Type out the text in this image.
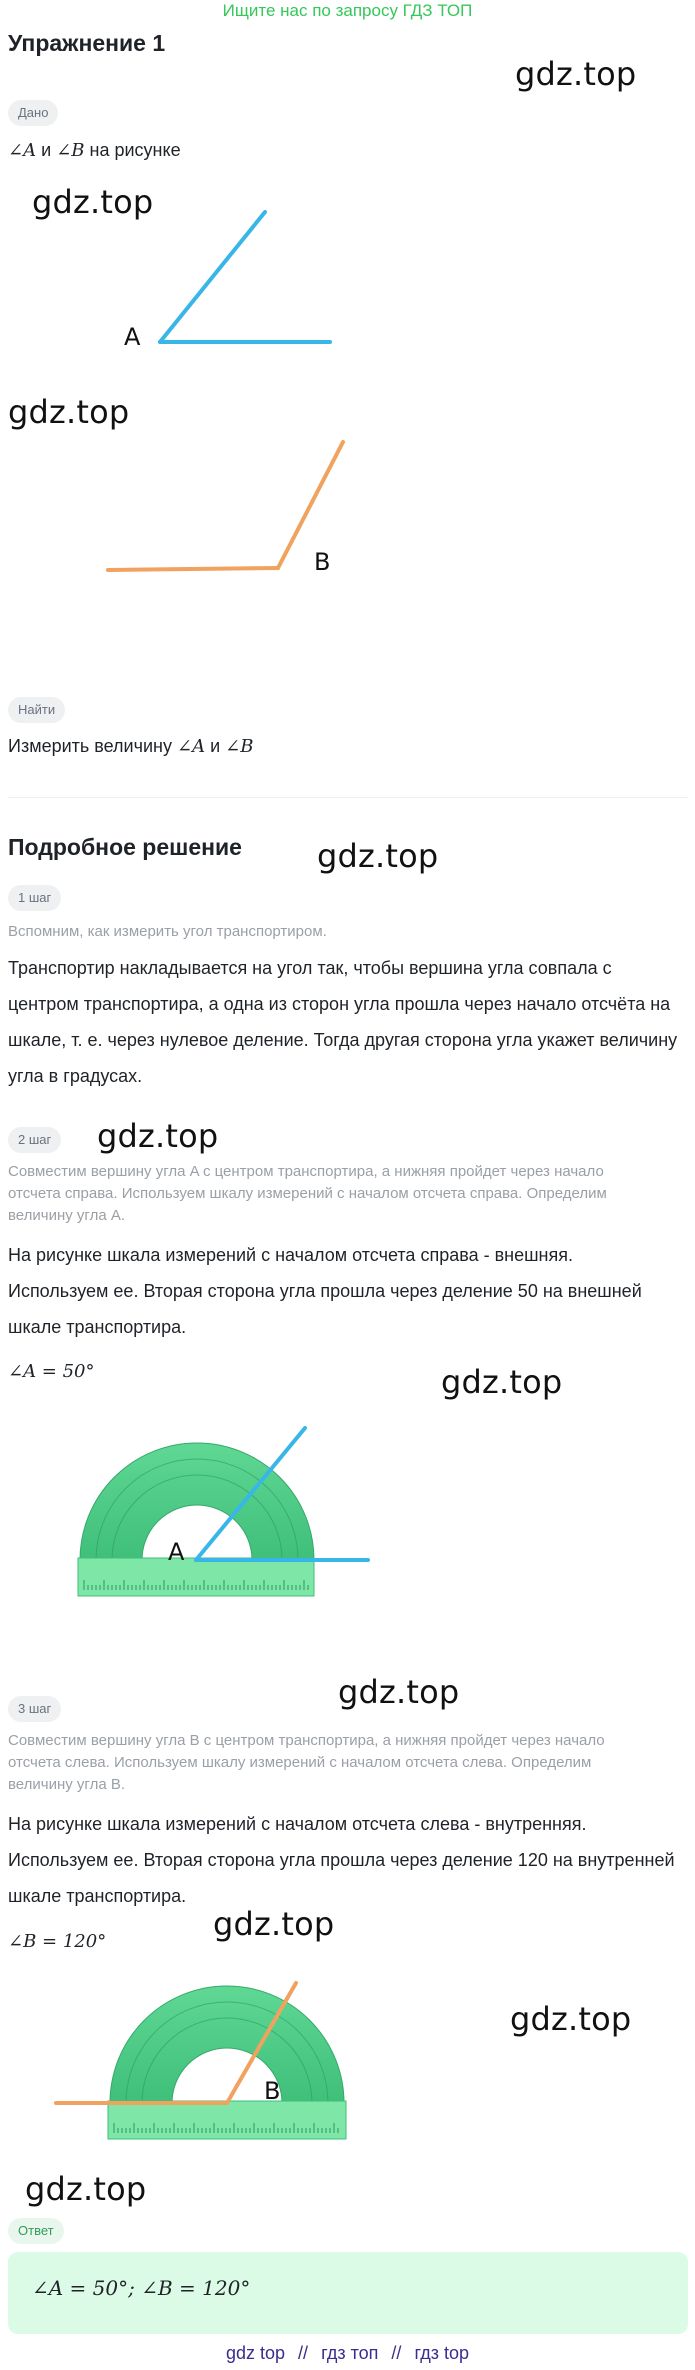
Ищите нас по запросу ГДЗ ТОП
Упражнение 1
gdz.top
Дано
∠A и ∠B на рисунке
gdz.top
A
gdz.top
B
Найти
Измерить величину ∠A и ∠B
Подробное решение gdz.top
1 шаг
Вспомним, как измерить угол транспортиром.
Транспортир накладывается на угол так, чтобы вершина угла совпала с
центром транспортира, а одна из сторон угла прошла через начало отсчёта на
шкале, т. е. через нулевое деление. Тогда другая сторона угла укажет величину
угла в градусах.
2 шаг	gdz.top
Совместим вершину угла A с центром транспортира, а нижняя пройдет через начало
отсчета справа. Используем шкалу измерений с началом отсчета справа. Определим
величину угла A.
На рисунке шкала измерений с началом отсчета справа - внешняя.
Используем ее. Вторая сторона угла прошла через деление 50 на внешней
шкале транспортира.
∠A = 50°	gdz.top
A
gdz.top
3 шаг
Совместим вершину угла B с центром транспортира, а нижняя пройдет через начало
отсчета слева. Используем шкалу измерений с началом отсчета слева. Определим
величину угла B.
На рисунке шкала измерений с началом отсчета слева - внутренняя.
Используем ее. Вторая сторона угла прошла через деление 120 на внутренней
шкале транспортира.
∠B = 120°	gdz.top
gdz.top
B
gdz.top
Ответ
∠A = 50°; ∠B = 120°
gdz top // гдз топ // гдз top
